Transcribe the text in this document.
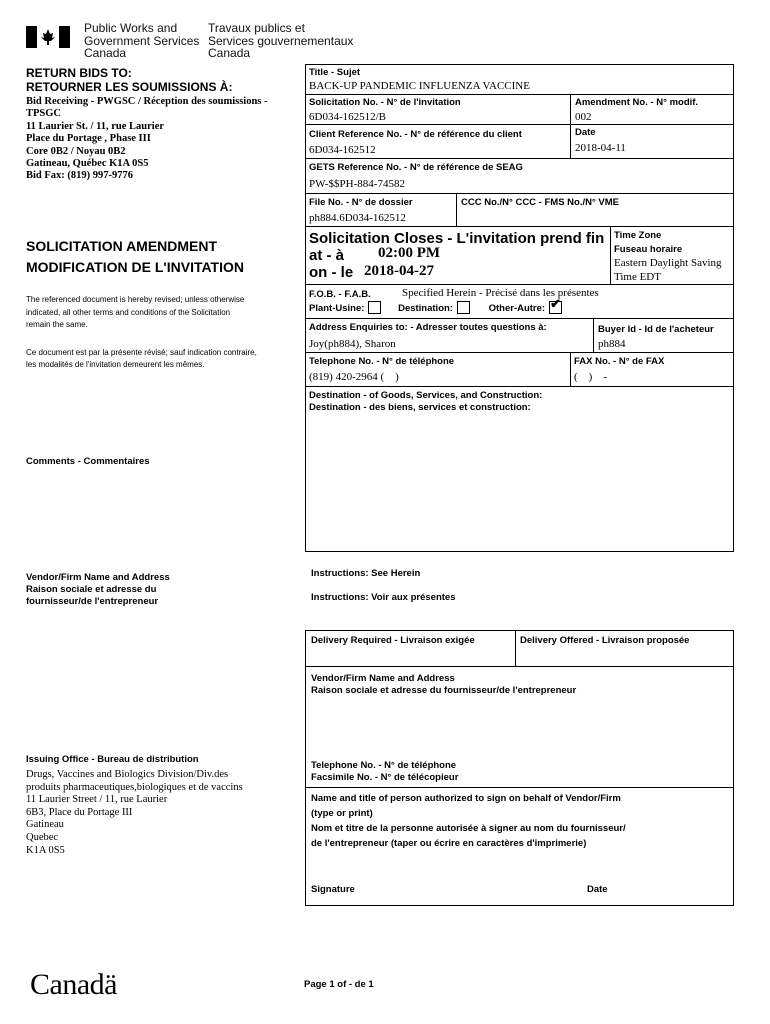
Public Works and
Government Services
Canada
Travaux publics et
Services gouvernementaux
Canada
RETURN BIDS TO:
RETOURNER LES SOUMISSIONS À:
Bid Receiving - PWGSC / Réception des soumissions -
TPSGC
11 Laurier St. / 11, rue Laurier
Place du Portage , Phase III
Core 0B2 / Noyau 0B2
Gatineau, Québec K1A 0S5
Bid Fax: (819) 997-9776
SOLICITATION AMENDMENT
MODIFICATION DE L'INVITATION
The referenced document is hereby revised; unless otherwise
indicated, all other terms and conditions of the Solicitation
remain the same.
Ce document est par la présente révisé; sauf indication contraire,
les modalités de l'invitation demeurent les mêmes.
Comments - Commentaires
Vendor/Firm Name and Address
Raison sociale et adresse du
fournisseur/de l'entrepreneur
Issuing Office - Bureau de distribution
Drugs, Vaccines and Biologics Division/Div.des
produits pharmaceutiques,biologiques et de vaccins
11 Laurier Street / 11, rue Laurier
6B3, Place du Portage III
Gatineau
Quebec
K1A 0S5
Title - Sujet
BACK-UP PANDEMIC INFLUENZA VACCINE
Solicitation No. - N° de l'invitation
6D034-162512/B
Amendment No. - N° modif.
002
Client Reference No. - N° de référence du client
6D034-162512
Date
2018-04-11
GETS Reference No. - N° de référence de SEAG
PW-$$PH-884-74582
File No. - N° de dossier
ph884.6D034-162512
CCC No./N° CCC - FMS No./N° VME
Solicitation Closes - L'invitation prend fin
at - à 02:00 PM
on - le 2018-04-27
Time Zone
Fuseau horaire
Eastern Daylight Saving
Time EDT
F.O.B. - F.A.B.	Specified Herein - Précisé dans les présentes
Plant-Usine:	Destination:	Other-Autre:✔
Address Enquiries to: - Adresser toutes questions à:
Joy(ph884), Sharon
Buyer Id - Id de l'acheteur
ph884
Telephone No. - N° de téléphone
(819) 420-2964 (    )
FAX No. - N° de FAX
(    )    -
Destination - of Goods, Services, and Construction:
Destination - des biens, services et construction:
Instructions: See Herein
Instructions: Voir aux présentes
Delivery Required - Livraison exigée	Delivery Offered - Livraison proposée
Vendor/Firm Name and Address
Raison sociale et adresse du fournisseur/de l'entrepreneur
Telephone No. - N° de téléphone
Facsimile No. - N° de télécopieur
Name and title of person authorized to sign on behalf of Vendor/Firm
(type or print)
Nom et titre de la personne autorisée à signer au nom du fournisseur/
de l'entrepreneur (taper ou écrire en caractères d'imprimerie)
Signature	Date
Canadä	Page 1 of - de 1
